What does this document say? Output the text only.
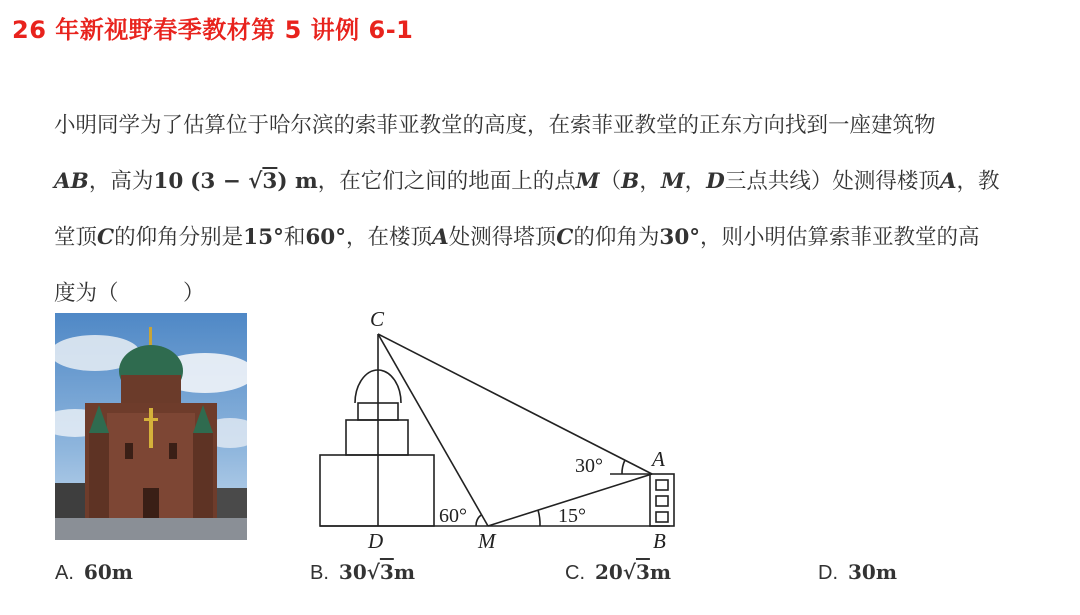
26 年新视野春季教材第 5 讲例 6-1
小明同学为了估算位于哈尔滨的索菲亚教堂的高度，在索菲亚教堂的正东方向找到一座建筑物
AB，高为10 (3 − √3) m，在它们之间的地面上的点M（B，M，D三点共线）处测得楼顶A，教
堂顶C的仰角分别是15°和60°，在楼顶A处测得塔顶C的仰角为30°，则小明估算索菲亚教堂的高
度为（　　　）
C
D	M	B
A
60°	15°
30°
A. 60m	B. 30√3m	C. 20√3m	D. 30m
